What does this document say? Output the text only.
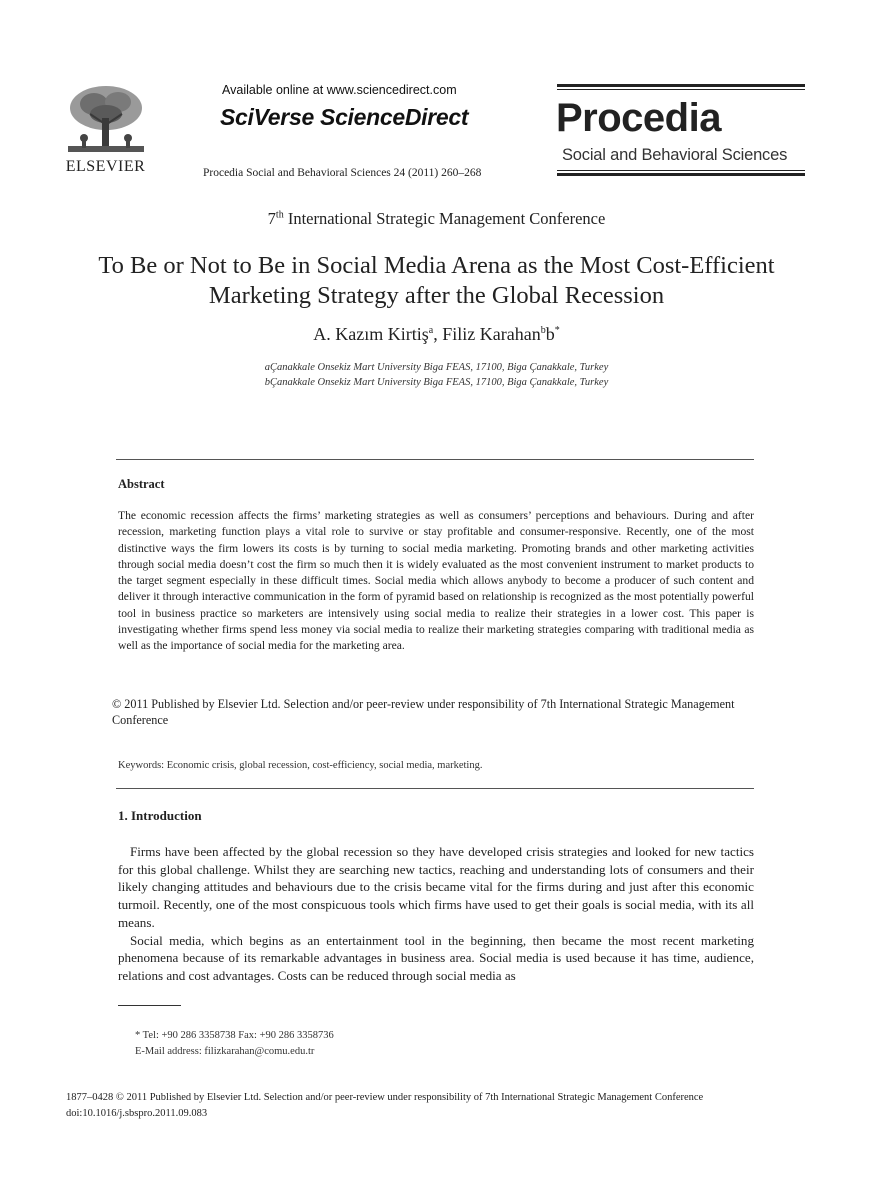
ELSEVIER
Available online at www.sciencedirect.com
SciVerse ScienceDirect
Procedia Social and Behavioral Sciences 24 (2011) 260–268
Procedia
Social and Behavioral Sciences
7th International Strategic Management Conference
To Be or Not to Be in Social Media Arena as the Most Cost-Efficient Marketing Strategy after the Global Recession
A. Kazım Kirtiş$^a$, Filiz Karahan$^b$b*
aÇanakkale Onsekiz Mart University Biga FEAS, 17100, Biga Çanakkale, Turkey
bÇanakkale Onsekiz Mart University Biga FEAS, 17100, Biga Çanakkale, Turkey
Abstract
The economic recession affects the firms’ marketing strategies as well as consumers’ perceptions and behaviours. During and after recession, marketing function plays a vital role to survive or stay profitable and consumer-responsive. Recently, one of the most distinctive ways the firm lowers its costs is by turning to social media marketing. Promoting brands and other marketing activities through social media doesn’t cost the firm so much then it is widely evaluated as the most convenient instrument to market products to the target segment especially in these difficult times. Social media which allows anybody to become a producer of such content and deliver it through interactive communication in the form of pyramid based on relationship is recognized as the most potentially powerful tool in business practice so marketers are intensively using social media to realize their strategies in a lower cost. This paper is investigating whether firms spend less money via social media to realize their marketing strategies comparing with traditional media as well as the importance of social media for the marketing area.
© 2011 Published by Elsevier Ltd. Selection and/or peer-review under responsibility of 7th International Strategic Management Conference
Keywords: Economic crisis, global recession, cost-efficiency, social media, marketing.
1. Introduction

Firms have been affected by the global recession so they have developed crisis strategies and looked for new tactics for this global challenge. Whilst they are searching new tactics, reaching and understanding lots of consumers and their likely changing attitudes and behaviours due to the crisis became vital for the firms during and just after this economic turmoil. Recently, one of the most conspicuous tools which firms have used to get their goals is social media, with its all means.

Social media, which begins as an entertainment tool in the beginning, then became the most recent marketing phenomena because of its remarkable advantages in business area. Social media is used because it has time, audience, relations and cost advantages. Costs can be reduced through social media as

* Tel: +90 286 3358738 Fax: +90 286 3358736
E-Mail address: filizkarahan@comu.edu.tr
1877–0428 © 2011 Published by Elsevier Ltd. Selection and/or peer-review under responsibility of 7th International Strategic Management Conference
doi:10.1016/j.sbspro.2011.09.083
